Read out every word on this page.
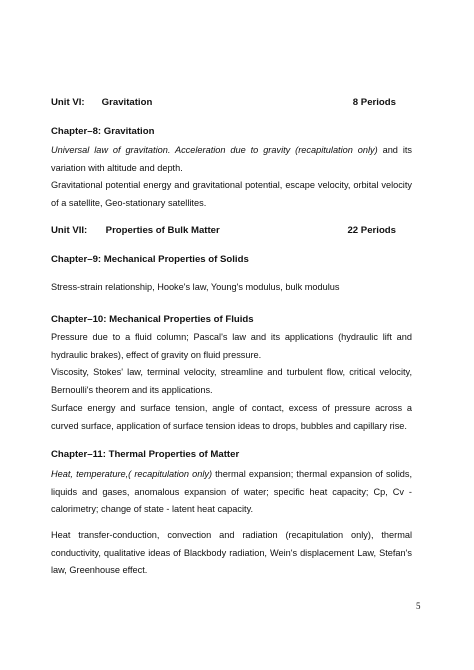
Unit VI: Gravitation	8 Periods
Chapter–8: Gravitation
Universal law of gravitation. Acceleration due to gravity (recapitulation only) and its variation with altitude and depth.
Gravitational potential energy and gravitational potential, escape velocity, orbital velocity of a satellite, Geo-stationary satellites.
Unit VII: Properties of Bulk Matter	22 Periods
Chapter–9: Mechanical Properties of Solids
Stress-strain relationship, Hooke's law, Young's modulus, bulk modulus
Chapter–10: Mechanical Properties of Fluids
Pressure due to a fluid column; Pascal's law and its applications (hydraulic lift and hydraulic brakes), effect of gravity on fluid pressure.
Viscosity, Stokes' law, terminal velocity, streamline and turbulent flow, critical velocity, Bernoulli's theorem and its applications.
Surface energy and surface tension, angle of contact, excess of pressure across a curved surface, application of surface tension ideas to drops, bubbles and capillary rise.
Chapter–11: Thermal Properties of Matter
Heat, temperature,( recapitulation only) thermal expansion; thermal expansion of solids, liquids and gases, anomalous expansion of water; specific heat capacity; Cp, Cv - calorimetry; change of state - latent heat capacity.
Heat transfer-conduction, convection and radiation (recapitulation only), thermal conductivity, qualitative ideas of Blackbody radiation, Wein's displacement Law, Stefan's law, Greenhouse effect.
5
